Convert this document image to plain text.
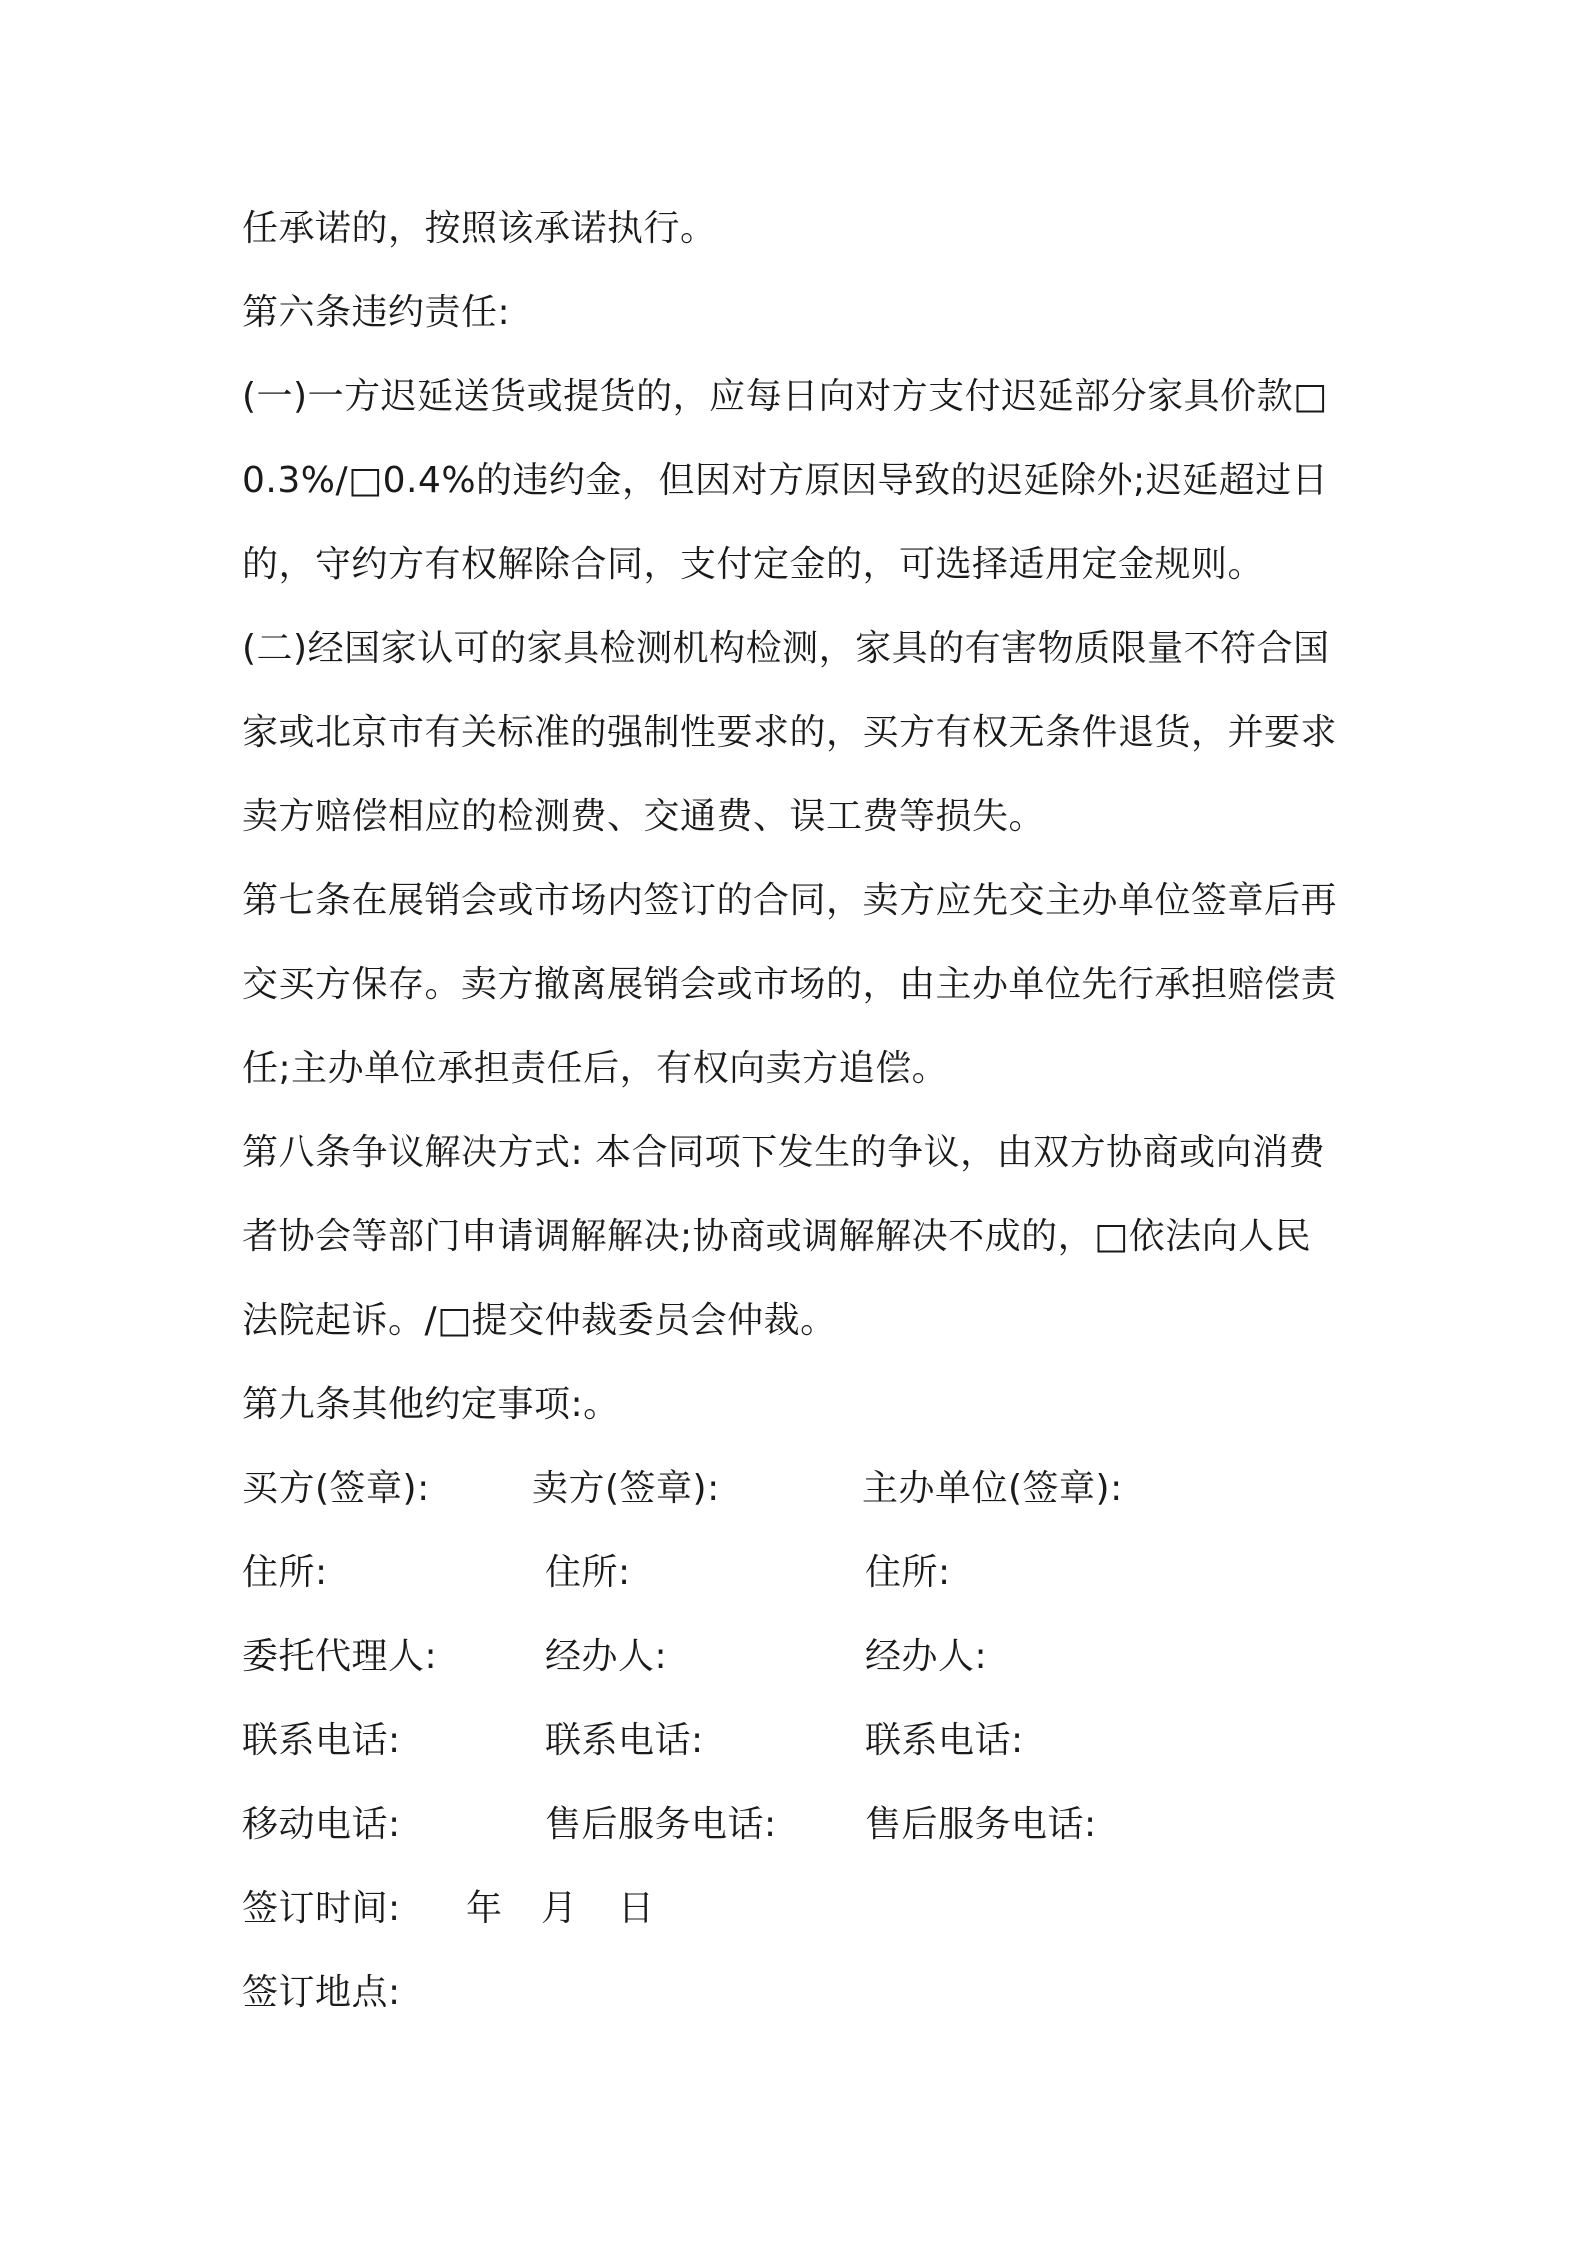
任承诺的，按照该承诺执行。
第六条违约责任:
(一)一方迟延送货或提货的，应每日向对方支付迟延部分家具价款□
0.3%/□0.4%的违约金，但因对方原因导致的迟延除外;迟延超过日
的，守约方有权解除合同，支付定金的，可选择适用定金规则。
(二)经国家认可的家具检测机构检测，家具的有害物质限量不符合国
家或北京市有关标准的强制性要求的，买方有权无条件退货，并要求
卖方赔偿相应的检测费、交通费、误工费等损失。
第七条在展销会或市场内签订的合同，卖方应先交主办单位签章后再
交买方保存。卖方撤离展销会或市场的，由主办单位先行承担赔偿责
任;主办单位承担责任后，有权向卖方追偿。
第八条争议解决方式: 本合同项下发生的争议，由双方协商或向消费
者协会等部门申请调解解决;协商或调解解决不成的，□依法向人民
法院起诉。/□提交仲裁委员会仲裁。
第九条其他约定事项:。
买方(签章):	卖方(签章):	主办单位(签章):
住所:	住所:	住所:
委托代理人:	经办人:	经办人:
联系电话:	联系电话:	联系电话:
移动电话:	售后服务电话: 售后服务电话:
签订时间: 年 月 日
签订地点:
